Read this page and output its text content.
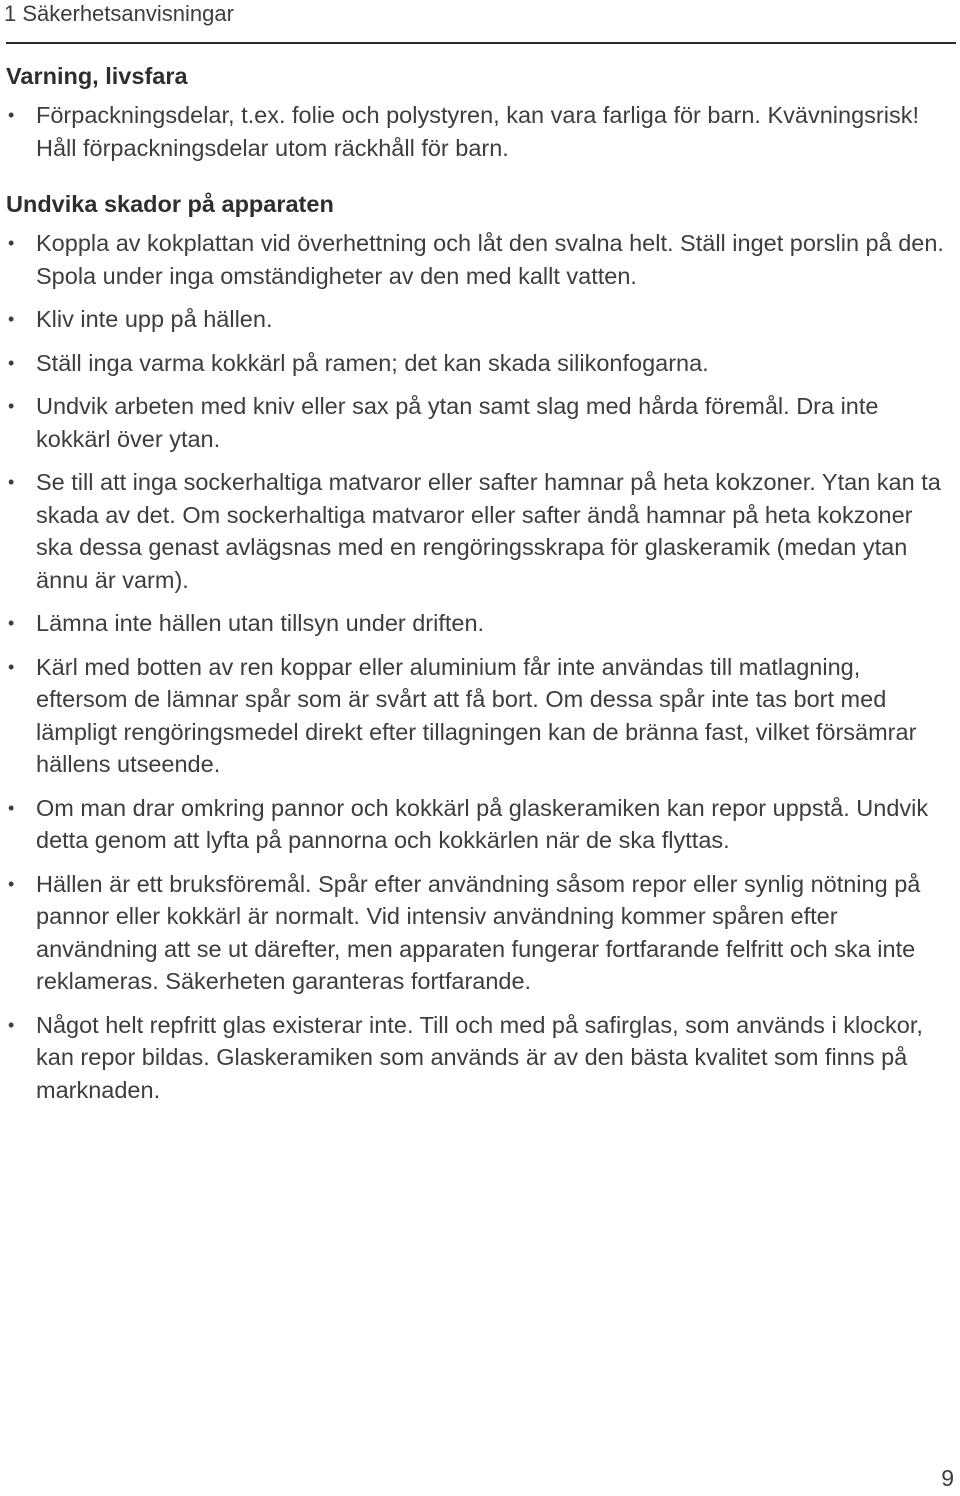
1 Säkerhetsanvisningar
Varning, livsfara
• Förpackningsdelar, t.ex. folie och polystyren, kan vara farliga för barn. Kvävningsrisk! Håll förpackningsdelar utom räckhåll för barn.
Undvika skador på apparaten
• Koppla av kokplattan vid överhettning och låt den svalna helt. Ställ inget porslin på den. Spola under inga omständigheter av den med kallt vatten.
• Kliv inte upp på hällen.
• Ställ inga varma kokkärl på ramen; det kan skada silikonfogarna.
• Undvik arbeten med kniv eller sax på ytan samt slag med hårda föremål. Dra inte kokkärl över ytan.
• Se till att inga sockerhaltiga matvaror eller safter hamnar på heta kokzoner. Ytan kan ta skada av det. Om sockerhaltiga matvaror eller safter ändå hamnar på heta kokzoner ska dessa genast avlägsnas med en rengöringsskrapa för glaskeramik (medan ytan ännu är varm).
• Lämna inte hällen utan tillsyn under driften.
• Kärl med botten av ren koppar eller aluminium får inte användas till matlagning, eftersom de lämnar spår som är svårt att få bort. Om dessa spår inte tas bort med lämpligt rengöringsmedel direkt efter tillagningen kan de bränna fast, vilket försämrar hällens utseende.
• Om man drar omkring pannor och kokkärl på glaskeramiken kan repor uppstå. Undvik detta genom att lyfta på pannorna och kokkärlen när de ska flyttas.
• Hällen är ett bruksföremål. Spår efter användning såsom repor eller synlig nötning på pannor eller kokkärl är normalt. Vid intensiv användning kommer spåren efter användning att se ut därefter, men apparaten fungerar fortfarande felfritt och ska inte reklameras. Säkerheten garanteras fortfarande.
• Något helt repfritt glas existerar inte. Till och med på safirglas, som används i klockor, kan repor bildas. Glaskeramiken som används är av den bästa kvalitet som finns på marknaden.
9
